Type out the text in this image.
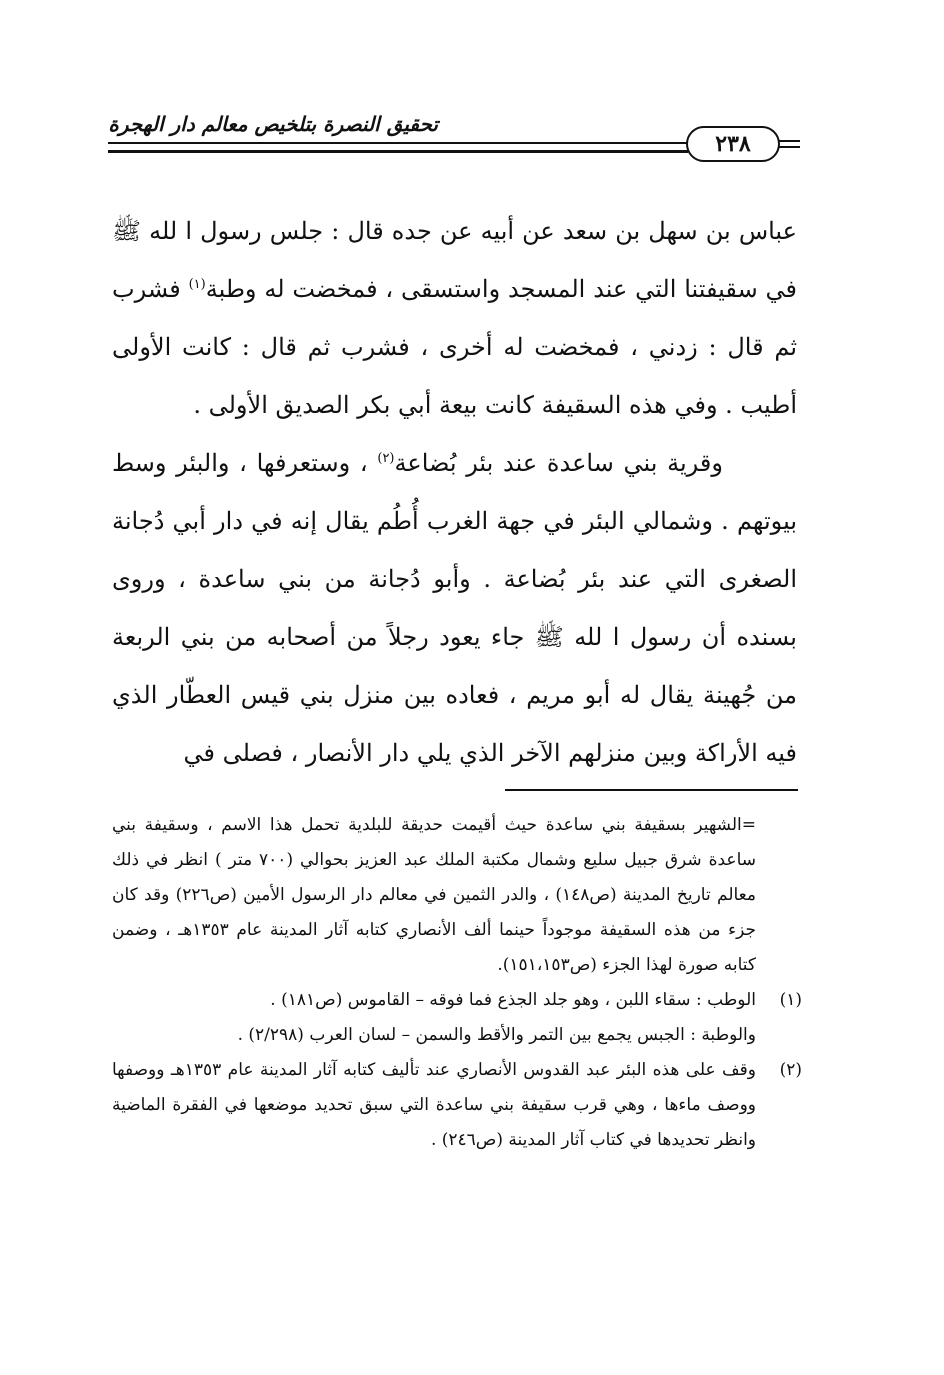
تحقيق النصرة بتلخيص معالم دار الهجرة
٢٣٨

عباس بن سهل بن سعد عن أبيه عن جده قال : جلس رسول ا لله ﷺ في سقيفتنا التي عند المسجد واستسقى ، فمخضت له وطبة$^{(١)}$ فشرب ثم قال : زدني ، فمخضت له أخرى ، فشرب ثم قال : كانت الأولى أطيب . وفي هذه السقيفة كانت بيعة أبي بكر الصديق الأولى .

وقرية بني ساعدة عند بئر بُضاعة$^{(٢)}$ ، وستعرفها ، والبئر وسط بيوتهم . وشمالي البئر في جهة الغرب أُطُم يقال إنه في دار أبي دُجانة الصغرى التي عند بئر بُضاعة . وأبو دُجانة من بني ساعدة ، وروى بسنده أن رسول ا لله ﷺ جاء يعود رجلاً من أصحابه من بني الربعة من جُهينة يقال له أبو مريم ، فعاده بين منزل بني قيس العطّار الذي فيه الأراكة وبين منزلهم الآخر الذي يلي دار الأنصار ، فصلى في

=الشهير بسقيفة بني ساعدة حيث أقيمت حديقة للبلدية تحمل هذا الاسم ، وسقيفة بني ساعدة شرق جبيل سليع وشمال مكتبة الملك عبد العزيز بحوالي (٧٠٠ متر ) انظر في ذلك معالم تاريخ المدينة (ص١٤٨) ، والدر الثمين في معالم دار الرسول الأمين (ص٢٢٦) وقد كان جزء من هذه السقيفة موجوداً حينما ألف الأنصاري كتابه آثار المدينة عام ١٣٥٣هـ ، وضمن كتابه صورة لهذا الجزء (ص١٥١،١٥٣).

(١)

الوطب : سقاء اللبن ، وهو جلد الجذع فما فوقه – القاموس (ص١٨١) .

والوطبة : الجبس يجمع بين التمر والأقط والسمن – لسان العرب (٢/٢٩٨) .

(٢)

وقف على هذه البئر عبد القدوس الأنصاري عند تأليف كتابه آثار المدينة عام ١٣٥٣هـ ووصفها ووصف ماءها ، وهي قرب سقيفة بني ساعدة التي سبق تحديد موضعها في الفقرة الماضية وانظر تحديدها في كتاب آثار المدينة (ص٢٤٦) .
